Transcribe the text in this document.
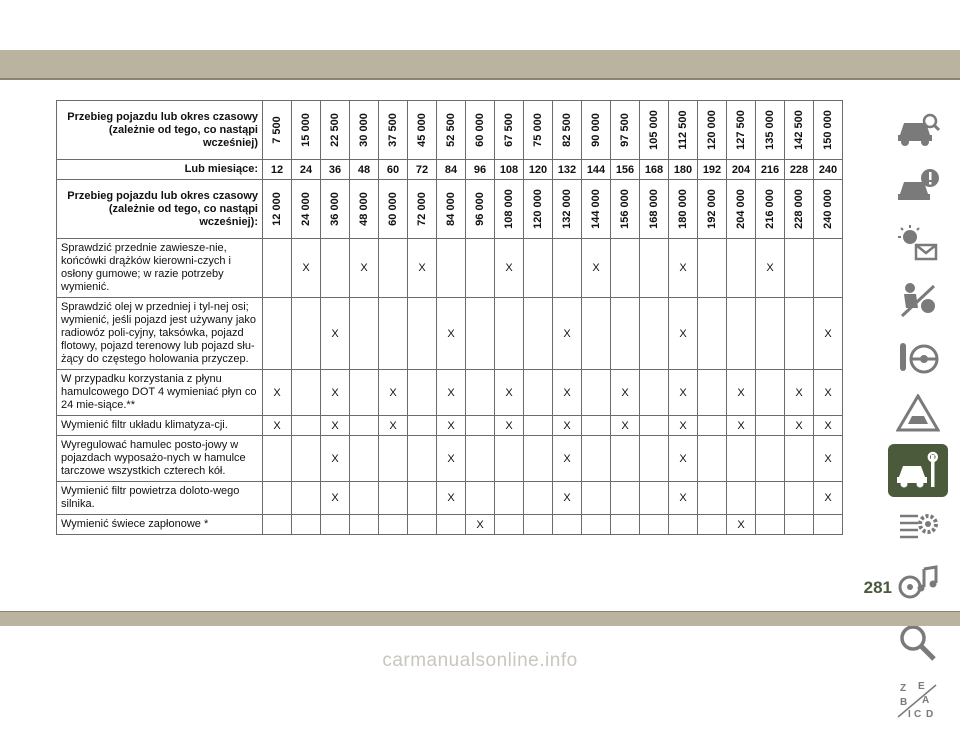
Przebieg pojazdu lub okres czasowy (zależnie od tego, co nastąpi wcześniej)	7 500	15 000	22 500	30 000	37 500	45 000	52 500	60 000	67 500	75 000	82 500	90 000	97 500	105 000	112 500	120 000	127 500	135 000	142 500	150 000

Lub miesiące:	12	24	36	48	60	72	84	96	108	120	132	144	156	168	180	192	204	216	228	240
Przebieg pojazdu lub okres czasowy (zależnie od tego, co nastąpi wcześniej):	12 000	24 000	36 000	48 000	60 000	72 000	84 000	96 000	108 000	120 000	132 000	144 000	156 000	168 000	180 000	192 000	204 000	216 000	228 000	240 000

Sprawdzić przednie zawiesze-nie, końcówki drążków kierowni-czych i osłony gumowe; w razie potrzeby wymienić.		X		X		X			X			X			X			X		
Sprawdzić olej w przedniej i tyl-nej osi; wymienić, jeśli pojazd jest używany jako radiowóz poli-cyjny, taksówka, pojazd flotowy, pojazd terenowy lub pojazd słu-żący do częstego holowania przyczep.			X				X				X				X					X
W przypadku korzystania z płynu hamulcowego DOT 4 wymieniać płyn co 24 mie-siące.**	X		X		X		X		X		X		X		X		X		X	X
Wymienić filtr układu klimatyza-cji.	X		X		X		X		X		X		X		X		X		X	X
Wyregulować hamulec posto-jowy w pojazdach wyposażo-nych w hamulce tarczowe wszystkich czterech kół.			X				X				X				X					X
Wymienić filtr powietrza doloto-wego silnika.			X				X				X				X					X
Wymienić świece zapłonowe *								X									X			
Z E
B A
I C D
281
carmanualsonline.info
